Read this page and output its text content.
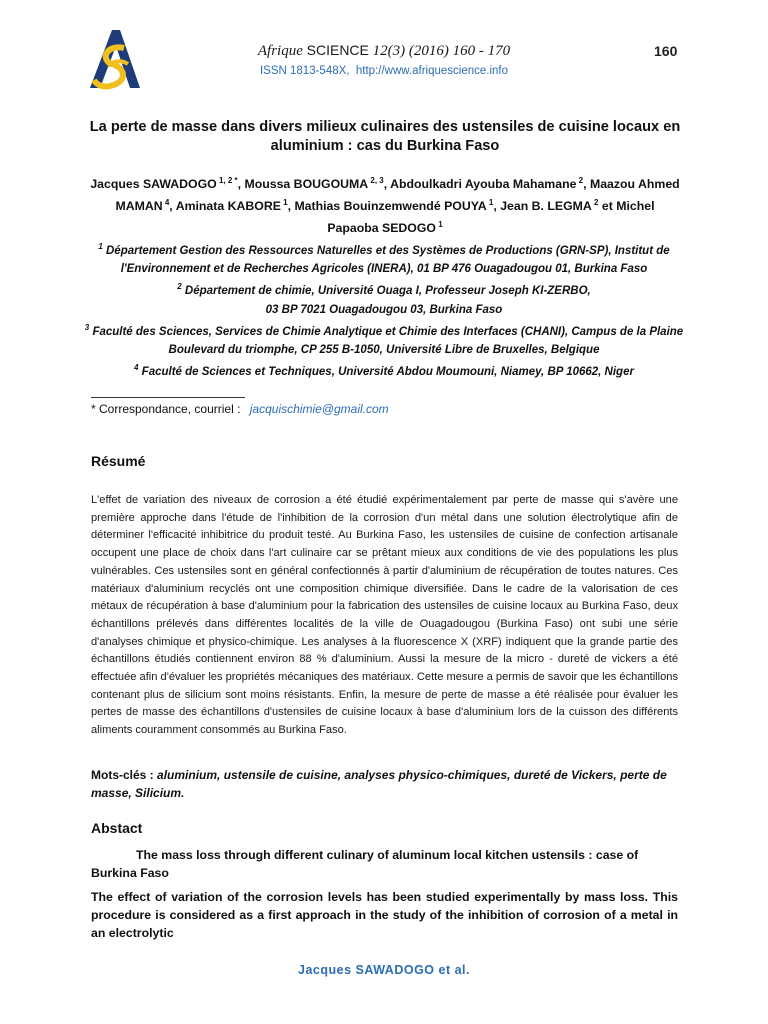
Afrique SCIENCE 12(3) (2016) 160 - 170	160
ISSN 1813-548X, http://www.afriquescience.info
La perte de masse dans divers milieux culinaires des ustensiles de cuisine locaux en aluminium : cas du Burkina Faso
Jacques SAWADOGO $^{1, 2 *}$, Moussa BOUGOUMA $^{2, 3}$, Abdoulkadri Ayouba Mahamane $^2$, Maazou Ahmed MAMAN $^4$, Aminata KABORE $^1$, Mathias Bouinzemwendé POUYA $^1$, Jean B. LEGMA $^2$ et Michel Papaoba SEDOGO $^1$
$^1$ Département Gestion des Ressources Naturelles et des Systèmes de Productions (GRN-SP), Institut de l'Environnement et de Recherches Agricoles (INERA), 01 BP 476 Ouagadougou 01, Burkina Faso
$^2$ Département de chimie, Université Ouaga I, Professeur Joseph KI-ZERBO,
03 BP 7021 Ouagadougou 03, Burkina Faso
$^3$ Faculté des Sciences, Services de Chimie Analytique et Chimie des Interfaces (CHANI), Campus de la Plaine Boulevard du triomphe, CP 255 B-1050, Université Libre de Bruxelles, Belgique
$^4$ Faculté de Sciences et Techniques, Université Abdou Moumouni, Niamey, BP 10662, Niger
* Correspondance, courriel : jacquischimie@gmail.com
Résumé
L'effet de variation des niveaux de corrosion a été étudié expérimentalement par perte de masse qui s'avère une première approche dans l'étude de l'inhibition de la corrosion d'un métal dans une solution électrolytique afin de déterminer l'efficacité inhibitrice du produit testé. Au Burkina Faso, les ustensiles de cuisine de confection artisanale occupent une place de choix dans l'art culinaire car se prêtant mieux aux conditions de vie des populations les plus vulnérables. Ces ustensiles sont en général confectionnés à partir d'aluminium de récupération de toutes natures. Ces matériaux d'aluminium recyclés ont une composition chimique diversifiée. Dans le cadre de la valorisation de ces métaux de récupération à base d'aluminium pour la fabrication des ustensiles de cuisine locaux au Burkina Faso, deux échantillons prélevés dans différentes localités de la ville de Ouagadougou (Burkina Faso) ont subi une série d'analyses chimique et physico-chimique. Les analyses à la fluorescence X (XRF) indiquent que la grande partie des échantillons étudiés contiennent environ 88 % d'aluminium. Aussi la mesure de la micro - dureté de vickers a été effectuée afin d'évaluer les propriétés mécaniques des matériaux. Cette mesure a permis de savoir que les échantillons contenant plus de silicium sont moins résistants. Enfin, la mesure de perte de masse a été réalisée pour évaluer les pertes de masse des échantillons d'ustensiles de cuisine locaux à base d'aluminium lors de la cuisson des différents aliments couramment consommés au Burkina Faso.
Mots-clés : aluminium, ustensile de cuisine, analyses physico-chimiques, dureté de Vickers, perte de masse, Silicium.
Abstact
The mass loss through different culinary of aluminum local kitchen ustensils : case of Burkina Faso
The effect of variation of the corrosion levels has been studied experimentally by mass loss. This procedure is considered as a first approach in the study of the inhibition of corrosion of a metal in an electrolytic
Jacques SAWADOGO et al.
